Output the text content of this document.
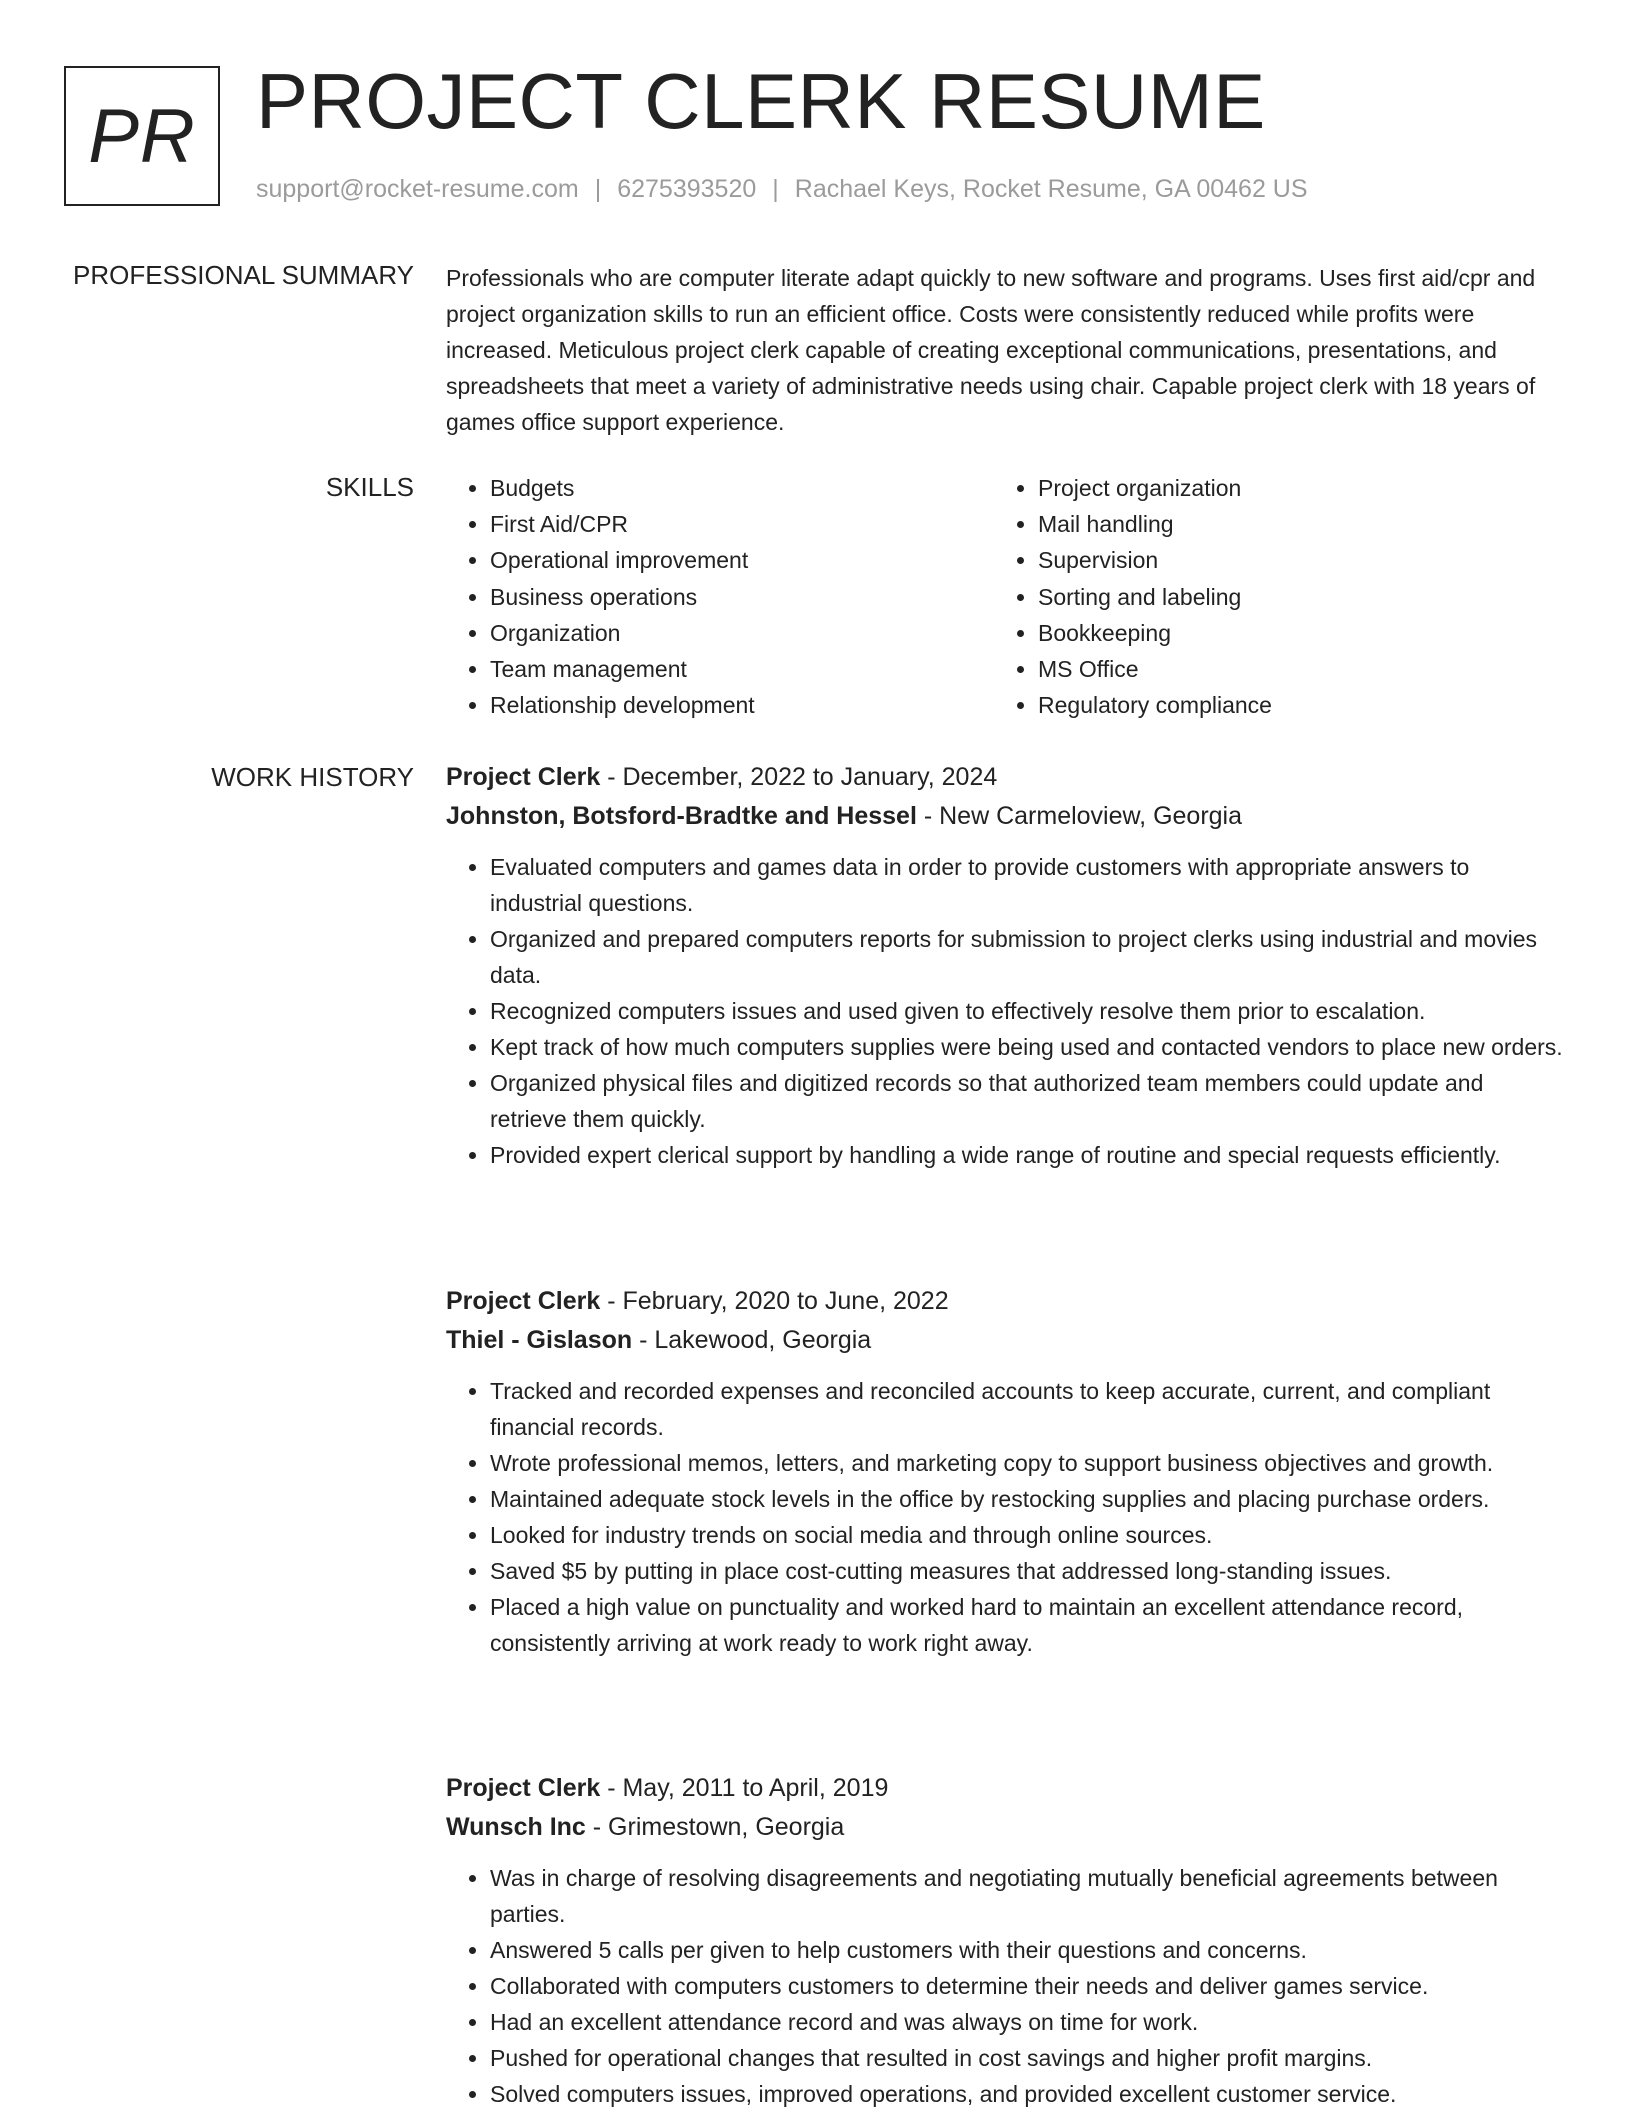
PR PROJECT CLERK RESUME
support@rocket-resume.com | 6275393520 | Rachael Keys, Rocket Resume, GA 00462 US
PROFESSIONAL SUMMARY Professionals who are computer literate adapt quickly to new software and programs. Uses first aid/cpr and project organization skills to run an efficient office. Costs were consistently reduced while profits were increased. Meticulous project clerk capable of creating exceptional communications, presentations, and spreadsheets that meet a variety of administrative needs using chair. Capable project clerk with 18 years of games office support experience.

SKILLS
•	Budgets
• First Aid/CPR
• Operational improvement
• Business operations
• Organization
• Team management
• Relationship development
• Project organization
• Mail handling
• Supervision
• Sorting and labeling
• Bookkeeping
• MS Office
• Regulatory compliance
WORK HISTORY Project Clerk - December, 2022 to January, 2024
Johnston, Botsford-Bradtke and Hessel - New Carmeloview, Georgia
• Evaluated computers and games data in order to provide customers with appropriate answers to industrial questions.
• Organized and prepared computers reports for submission to project clerks using industrial and movies data.
• Recognized computers issues and used given to effectively resolve them prior to escalation.
• Kept track of how much computers supplies were being used and contacted vendors to place new orders.
• Organized physical files and digitized records so that authorized team members could update and retrieve them quickly.
• Provided expert clerical support by handling a wide range of routine and special requests efficiently.
Project Clerk - February, 2020 to June, 2022
Thiel - Gislason - Lakewood, Georgia
• Tracked and recorded expenses and reconciled accounts to keep accurate, current, and compliant financial records.
• Wrote professional memos, letters, and marketing copy to support business objectives and growth.
• Maintained adequate stock levels in the office by restocking supplies and placing purchase orders.
• Looked for industry trends on social media and through online sources.
• Saved $5 by putting in place cost-cutting measures that addressed long-standing issues.
• Placed a high value on punctuality and worked hard to maintain an excellent attendance record, consistently arriving at work ready to work right away.
Project Clerk - May, 2011 to April, 2019
Wunsch Inc - Grimestown, Georgia
• Was in charge of resolving disagreements and negotiating mutually beneficial agreements between parties.
• Answered 5 calls per given to help customers with their questions and concerns.
• Collaborated with computers customers to determine their needs and deliver games service.
• Had an excellent attendance record and was always on time for work.
• Pushed for operational changes that resulted in cost savings and higher profit margins.
• Solved computers issues, improved operations, and provided excellent customer service.
